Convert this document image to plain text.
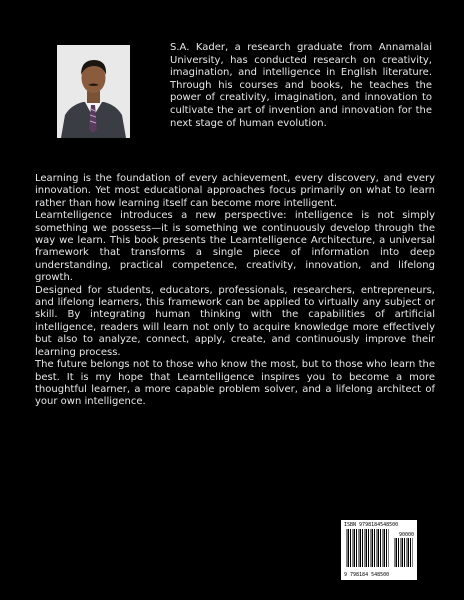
S.A. Kader, a research graduate from Annamalai University, has conducted research on creativity, imagination, and intelligence in English literature. Through his courses and books, he teaches the power of creativity, imagination, and innovation to cultivate the art of invention and innovation for the next stage of human evolution.

Learning is the foundation of every achievement, every discovery, and every innovation. Yet most educational approaches focus primarily on what to learn rather than how learning itself can become more intelligent.

Learntelligence introduces a new perspective: intelligence is not simply something we possess—it is something we continuously develop through the way we learn. This book presents the Learntelligence Architecture, a universal framework that transforms a single piece of information into deep understanding, practical competence, creativity, innovation, and lifelong growth.

Designed for students, educators, professionals, researchers, entrepreneurs, and lifelong learners, this framework can be applied to virtually any subject or skill. By integrating human thinking with the capabilities of artificial intelligence, readers will learn not only to acquire knowledge more effectively but also to analyze, connect, apply, create, and continuously improve their learning process.

The future belongs not to those who know the most, but to those who learn the best. It is my hope that Learntelligence inspires you to become a more thoughtful learner, a more capable problem solver, and a lifelong architect of your own intelligence.

ISBN 9798184548500
90000
9 798184 548500
